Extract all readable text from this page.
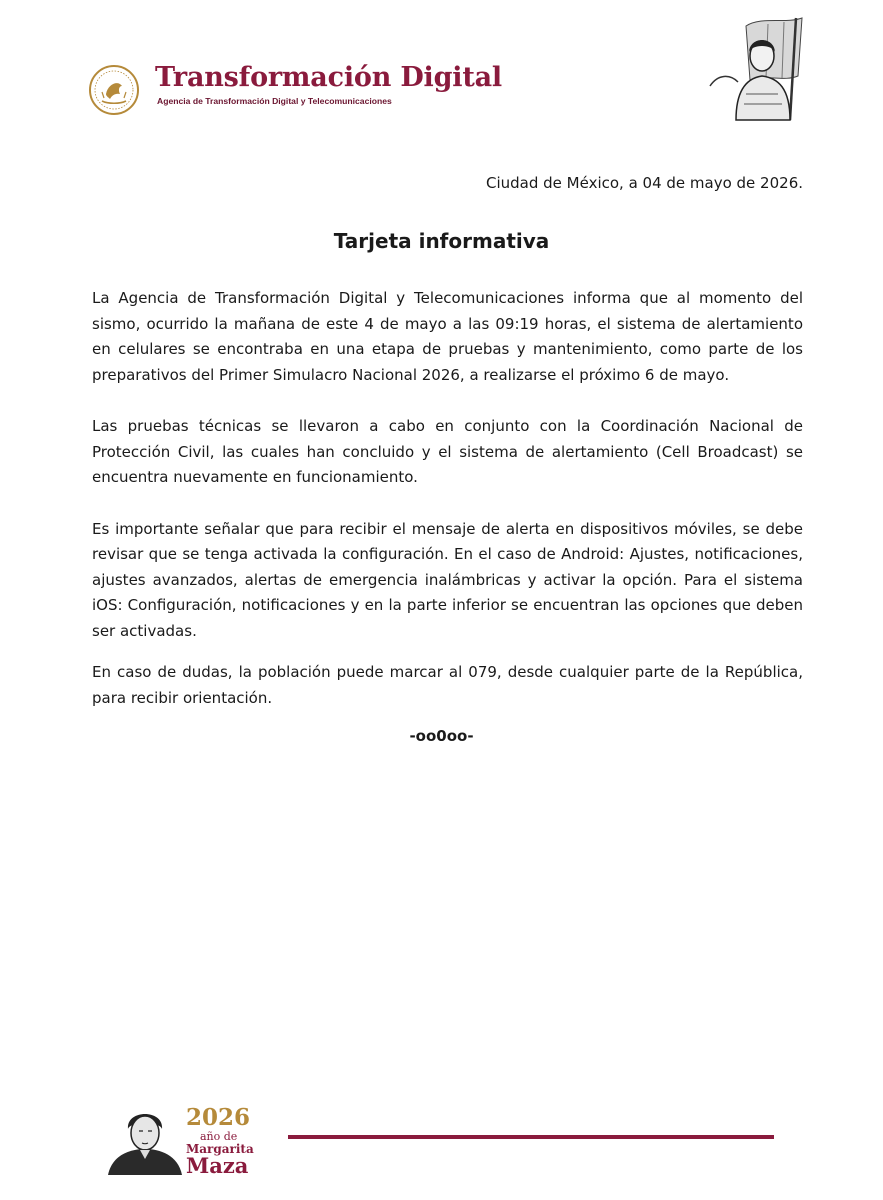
Transformación Digital
Agencia de Transformación Digital y Telecomunicaciones
Ciudad de México, a 04 de mayo de 2026.
Tarjeta informativa

La Agencia de Transformación Digital y Telecomunicaciones informa que al momento del sismo, ocurrido la mañana de este 4 de mayo a las 09:19 horas, el sistema de alertamiento en celulares se encontraba en una etapa de pruebas y mantenimiento, como parte de los preparativos del Primer Simulacro Nacional 2026, a realizarse el próximo 6 de mayo.

Las pruebas técnicas se llevaron a cabo en conjunto con la Coordinación Nacional de Protección Civil, las cuales han concluido y el sistema de alertamiento (Cell Broadcast) se encuentra nuevamente en funcionamiento.

Es importante señalar que para recibir el mensaje de alerta en dispositivos móviles, se debe revisar que se tenga activada la configuración. En el caso de Android: Ajustes, notificaciones, ajustes avanzados, alertas de emergencia inalámbricas y activar la opción. Para el sistema iOS: Configuración, notificaciones y en la parte inferior se encuentran las opciones que deben ser activadas.

En caso de dudas, la población puede marcar al 079, desde cualquier parte de la República, para recibir orientación.

-oo0oo-
2026
año de
Margarita
Maza
